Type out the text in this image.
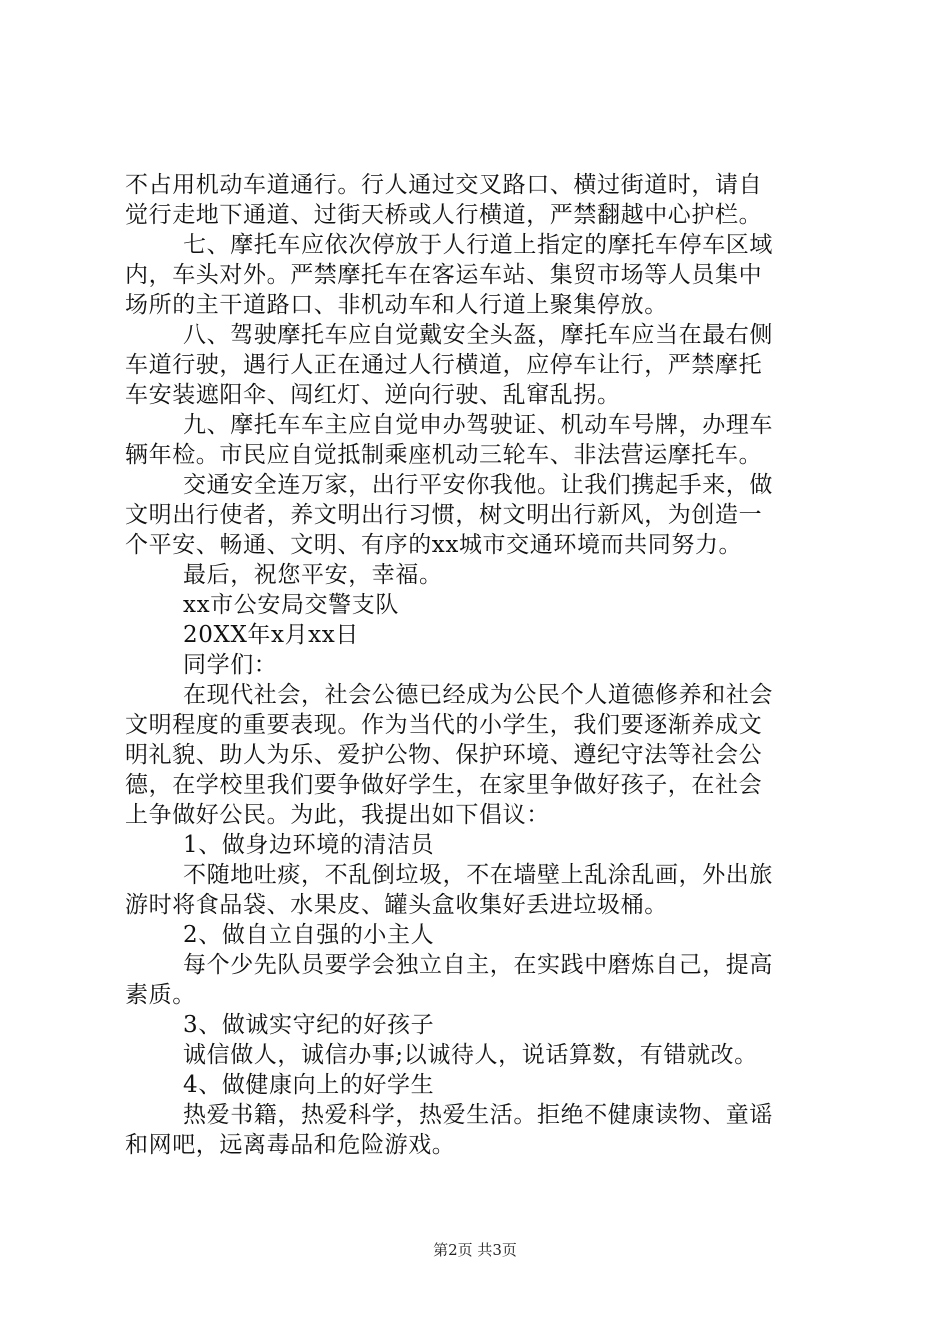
不占用机动车道通行。行人通过交叉路口、横过街道时，请自
觉行走地下通道、过街天桥或人行横道，严禁翻越中心护栏。
七、摩托车应依次停放于人行道上指定的摩托车停车区域
内，车头对外。严禁摩托车在客运车站、集贸市场等人员集中
场所的主干道路口、非机动车和人行道上聚集停放。
八、驾驶摩托车应自觉戴安全头盔，摩托车应当在最右侧
车道行驶，遇行人正在通过人行横道，应停车让行，严禁摩托
车安装遮阳伞、闯红灯、逆向行驶、乱窜乱拐。
九、摩托车车主应自觉申办驾驶证、机动车号牌，办理车
辆年检。市民应自觉抵制乘座机动三轮车、非法营运摩托车。
交通安全连万家，出行平安你我他。让我们携起手来，做
文明出行使者，养文明出行习惯，树文明出行新风，为创造一
个平安、畅通、文明、有序的xx城市交通环境而共同努力。
最后，祝您平安，幸福。
xx市公安局交警支队
20XX年x月xx日
同学们：
在现代社会，社会公德已经成为公民个人道德修养和社会
文明程度的重要表现。作为当代的小学生，我们要逐渐养成文
明礼貌、助人为乐、爱护公物、保护环境、遵纪守法等社会公
德，在学校里我们要争做好学生，在家里争做好孩子，在社会
上争做好公民。为此，我提出如下倡议：
1、做身边环境的清洁员
不随地吐痰，不乱倒垃圾，不在墙壁上乱涂乱画，外出旅
游时将食品袋、水果皮、罐头盒收集好丢进垃圾桶。
2、做自立自强的小主人
每个少先队员要学会独立自主，在实践中磨炼自己，提高
素质。
3、做诚实守纪的好孩子
诚信做人，诚信办事;以诚待人，说话算数，有错就改。
4、做健康向上的好学生
热爱书籍，热爱科学，热爱生活。拒绝不健康读物、童谣
和网吧，远离毒品和危险游戏。
第2页 共3页
